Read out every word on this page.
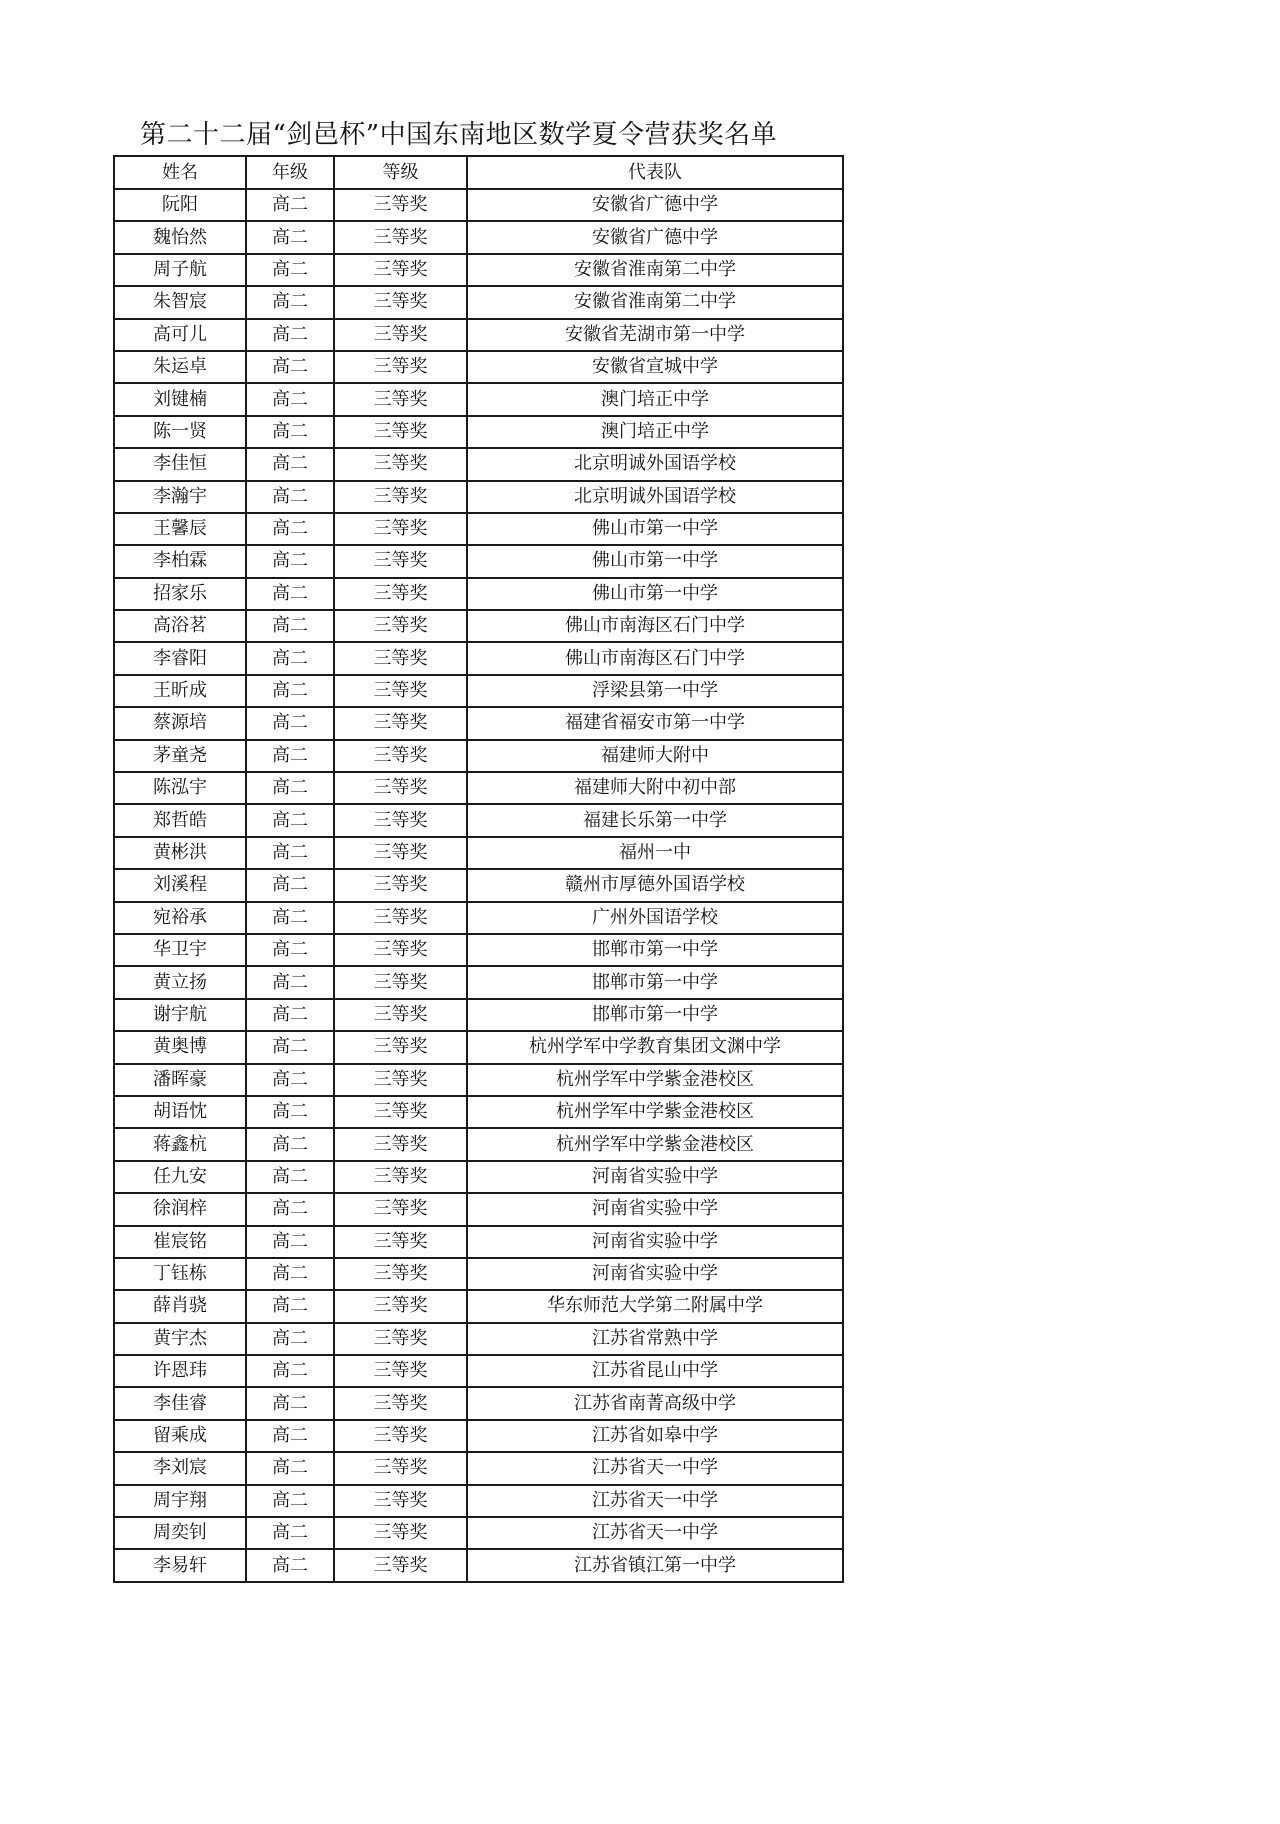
第二十二届“剑邑杯”中国东南地区数学夏令营获奖名单
姓名	年级	等级	代表队
阮阳	高二	三等奖	安徽省广德中学
魏怡然	高二	三等奖	安徽省广德中学
周子航	高二	三等奖	安徽省淮南第二中学
朱智宸	高二	三等奖	安徽省淮南第二中学
高可儿	高二	三等奖	安徽省芜湖市第一中学
朱运卓	高二	三等奖	安徽省宣城中学
刘键楠	高二	三等奖	澳门培正中学
陈一贤	高二	三等奖	澳门培正中学
李佳恒	高二	三等奖	北京明诚外国语学校
李瀚宇	高二	三等奖	北京明诚外国语学校
王馨辰	高二	三等奖	佛山市第一中学
李柏霖	高二	三等奖	佛山市第一中学
招家乐	高二	三等奖	佛山市第一中学
高浴茗	高二	三等奖	佛山市南海区石门中学
李睿阳	高二	三等奖	佛山市南海区石门中学
王昕成	高二	三等奖	浮梁县第一中学
蔡源培	高二	三等奖	福建省福安市第一中学
茅童尧	高二	三等奖	福建师大附中
陈泓宇	高二	三等奖	福建师大附中初中部
郑哲皓	高二	三等奖	福建长乐第一中学
黄彬洪	高二	三等奖	福州一中
刘溪程	高二	三等奖	赣州市厚德外国语学校
宛裕承	高二	三等奖	广州外国语学校
华卫宇	高二	三等奖	邯郸市第一中学
黄立扬	高二	三等奖	邯郸市第一中学
谢宇航	高二	三等奖	邯郸市第一中学
黄奥博	高二	三等奖	杭州学军中学教育集团文渊中学
潘晖豪	高二	三等奖	杭州学军中学紫金港校区
胡语忱	高二	三等奖	杭州学军中学紫金港校区
蒋鑫杭	高二	三等奖	杭州学军中学紫金港校区
任九安	高二	三等奖	河南省实验中学
徐润梓	高二	三等奖	河南省实验中学
崔宸铭	高二	三等奖	河南省实验中学
丁钰栋	高二	三等奖	河南省实验中学
薛肖骁	高二	三等奖	华东师范大学第二附属中学
黄宇杰	高二	三等奖	江苏省常熟中学
许恩玮	高二	三等奖	江苏省昆山中学
李佳睿	高二	三等奖	江苏省南菁高级中学
留乘成	高二	三等奖	江苏省如皋中学
李刘宸	高二	三等奖	江苏省天一中学
周宇翔	高二	三等奖	江苏省天一中学
周奕钊	高二	三等奖	江苏省天一中学
李易轩	高二	三等奖	江苏省镇江第一中学
